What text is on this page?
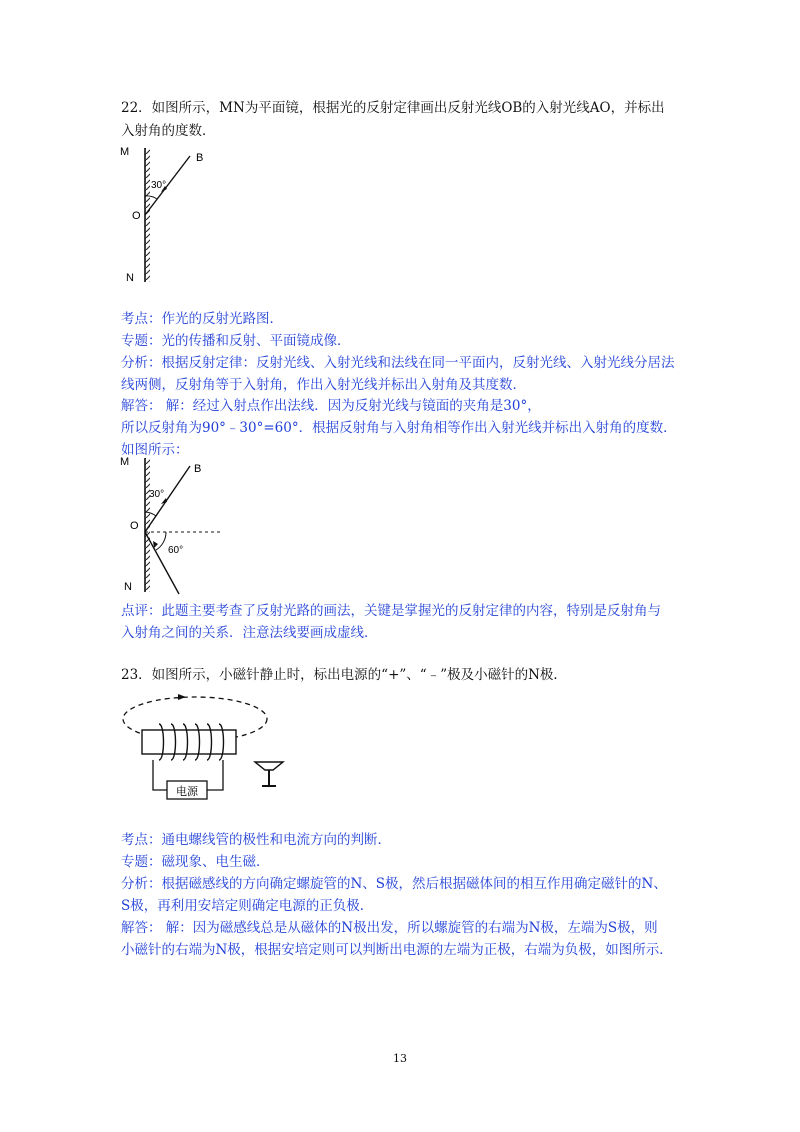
22．如图所示，MN为平面镜，根据光的反射定律画出反射光线OB的入射光线AO，并标出
入射角的度数．
M	B
30°
O
N
考点：作光的反射光路图．
专题：光的传播和反射、平面镜成像．
分析：根据反射定律：反射光线、入射光线和法线在同一平面内，反射光线、入射光线分居法
线两侧，反射角等于入射角，作出入射光线并标出入射角及其度数．
解答： 解：经过入射点作出法线．因为反射光线与镜面的夹角是30°，
所以反射角为90°﹣30°=60°．根据反射角与入射角相等作出入射光线并标出入射角的度数．
如图所示：
M
B
30°
O
60°
N
点评：此题主要考查了反射光路的画法，关键是掌握光的反射定律的内容，特别是反射角与
入射角之间的关系．注意法线要画成虚线．
23．如图所示，小磁针静止时，标出电源的“+”、“﹣”极及小磁针的N极．
电源
考点：通电螺线管的极性和电流方向的判断．
专题：磁现象、电生磁．
分析：根据磁感线的方向确定螺旋管的N、S极，然后根据磁体间的相互作用确定磁针的N、
S极，再利用安培定则确定电源的正负极．
解答： 解：因为磁感线总是从磁体的N极出发，所以螺旋管的右端为N极，左端为S极，则
小磁针的右端为N极，根据安培定则可以判断出电源的左端为正极，右端为负极，如图所示．
13
